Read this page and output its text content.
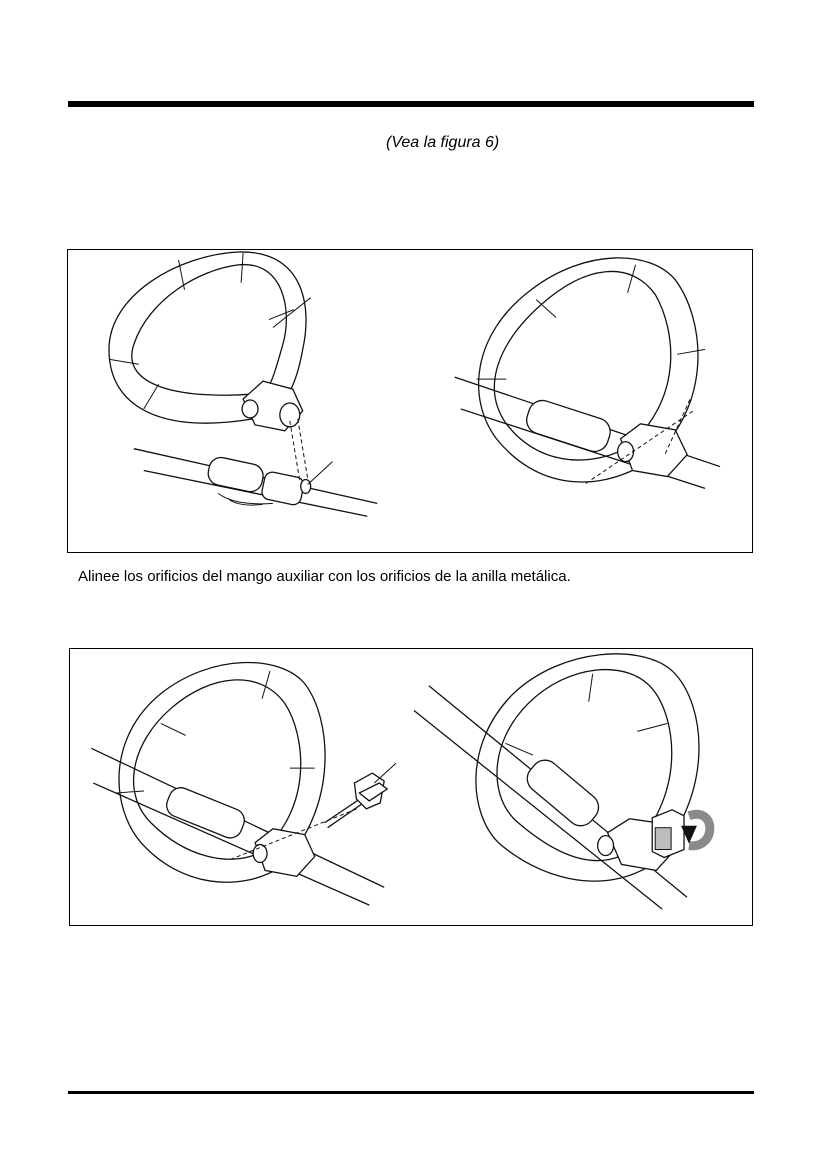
(Vea la figura 6)
Alinee los orificios del mango auxiliar con los orificios de la anilla metálica.
